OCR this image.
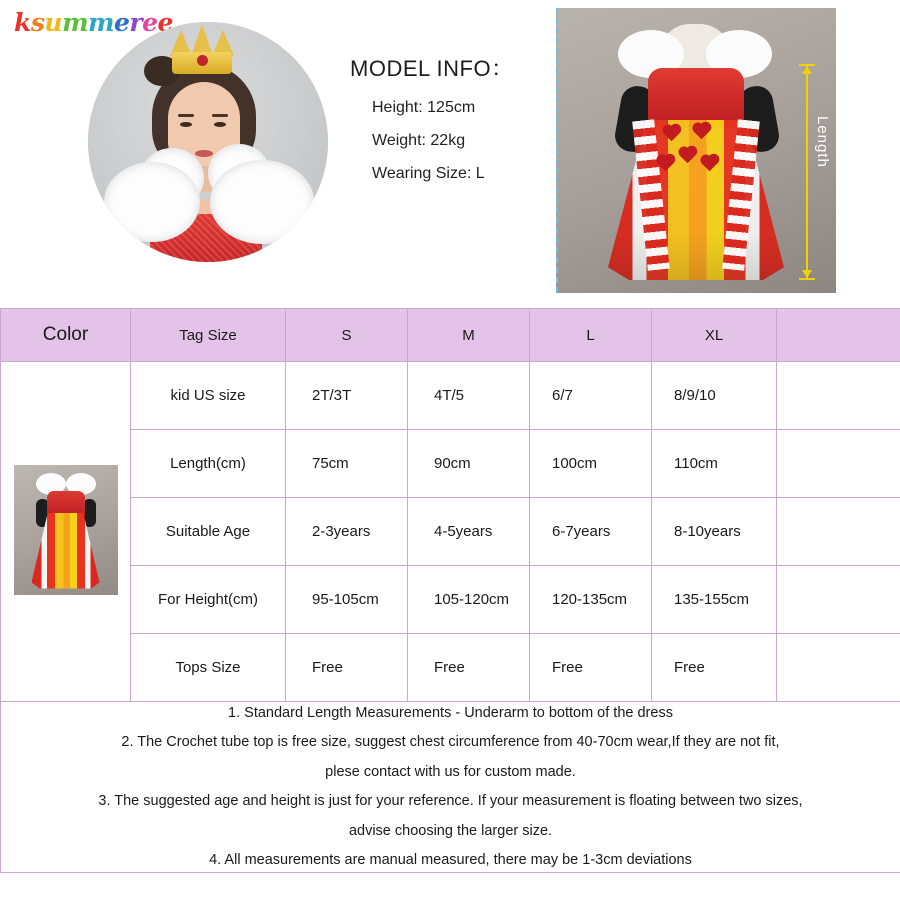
ksum
MODEL INFO：
Height: 125cm
Weight: 22kg
Wearing Size: L
Length
Color	Tag Size	S	M	L	XL	

	kid US size	2T/3T	4T/5	6/7	8/9/10	
	Length(cm)	75cm	90cm	100cm	110cm	
	Suitable Age	2-3years	4-5years	6-7years	8-10years	
	For Height(cm)	95-105cm	105-120cm	120-135cm	135-155cm	
	Tops Size	Free	Free	Free	Free	

1. Standard Length Measurements - Underarm to bottom of the dress

2. The Crochet tube top is free size, suggest chest circumference from 40-70cm wear,If they are not fit,

plese contact with us for custom made.

3. The suggested age and height is just for your reference. If your measurement is floating between two sizes,

advise choosing the larger size.

4. All measurements are manual measured, there may be 1-3cm deviations
